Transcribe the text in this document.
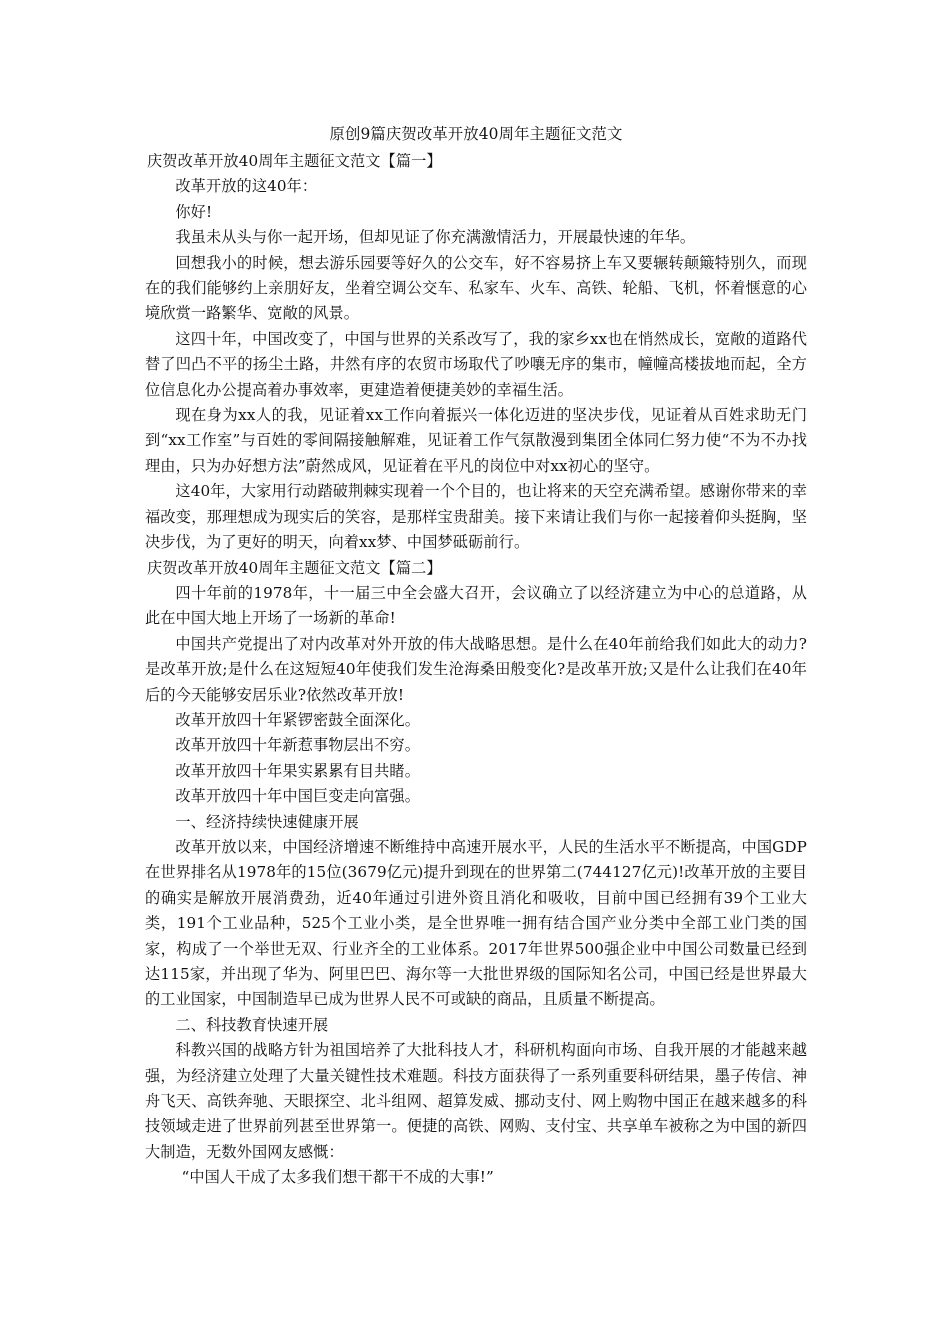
原创9篇庆贺改革开放40周年主题征文范文

庆贺改革开放40周年主题征文范文【篇一】

改革开放的这40年：

你好!

我虽未从头与你一起开场，但却见证了你充满激情活力，开展最快速的年华。

回想我小的时候，想去游乐园要等好久的公交车，好不容易挤上车又要辗转颠簸特别久，而现在的我们能够约上亲朋好友，坐着空调公交车、私家车、火车、高铁、轮船、飞机，怀着惬意的心境欣赏一路繁华、宽敞的风景。

这四十年，中国改变了，中国与世界的关系改写了，我的家乡xx也在悄然成长，宽敞的道路代替了凹凸不平的扬尘土路，井然有序的农贸市场取代了吵嚷无序的集市，幢幢高楼拔地而起，全方位信息化办公提高着办事效率，更建造着便捷美妙的幸福生活。

现在身为xx人的我，见证着xx工作向着振兴一体化迈进的坚决步伐，见证着从百姓求助无门到“xx工作室”与百姓的零间隔接触解难，见证着工作气氛散漫到集团全体同仁努力使“不为不办找理由，只为办好想方法”蔚然成风，见证着在平凡的岗位中对xx初心的坚守。

这40年，大家用行动踏破荆棘实现着一个个目的，也让将来的天空充满希望。感谢你带来的幸福改变，那理想成为现实后的笑容，是那样宝贵甜美。接下来请让我们与你一起接着仰头挺胸，坚决步伐，为了更好的明天，向着xx梦、中国梦砥砺前行。

庆贺改革开放40周年主题征文范文【篇二】

四十年前的1978年，十一届三中全会盛大召开，会议确立了以经济建立为中心的总道路，从此在中国大地上开场了一场新的革命!

中国共产党提出了对内改革对外开放的伟大战略思想。是什么在40年前给我们如此大的动力?是改革开放;是什么在这短短40年使我们发生沧海桑田般变化?是改革开放;又是什么让我们在40年后的今天能够安居乐业?依然改革开放!

改革开放四十年紧锣密鼓全面深化。

改革开放四十年新惹事物层出不穷。

改革开放四十年果实累累有目共睹。

改革开放四十年中国巨变走向富强。

一、经济持续快速健康开展

改革开放以来，中国经济增速不断维持中高速开展水平，人民的生活水平不断提高，中国GDP在世界排名从1978年的15位(3679亿元)提升到现在的世界第二(744127亿元)!改革开放的主要目的确实是解放开展消费劲，近40年通过引进外资且消化和吸收，目前中国已经拥有39个工业大类，191个工业品种，525个工业小类，是全世界唯一拥有结合国产业分类中全部工业门类的国家，构成了一个举世无双、行业齐全的工业体系。2017年世界500强企业中中国公司数量已经到达115家，并出现了华为、阿里巴巴、海尔等一大批世界级的国际知名公司，中国已经是世界最大的工业国家，中国制造早已成为世界人民不可或缺的商品，且质量不断提高。

二、科技教育快速开展

科教兴国的战略方针为祖国培养了大批科技人才，科研机构面向市场、自我开展的才能越来越强，为经济建立处理了大量关键性技术难题。科技方面获得了一系列重要科研结果，墨子传信、神舟飞天、高铁奔驰、天眼探空、北斗组网、超算发威、挪动支付、网上购物中国正在越来越多的科技领域走进了世界前列甚至世界第一。便捷的高铁、网购、支付宝、共享单车被称之为中国的新四大制造，无数外国网友感慨：

“中国人干成了太多我们想干都干不成的大事!”
